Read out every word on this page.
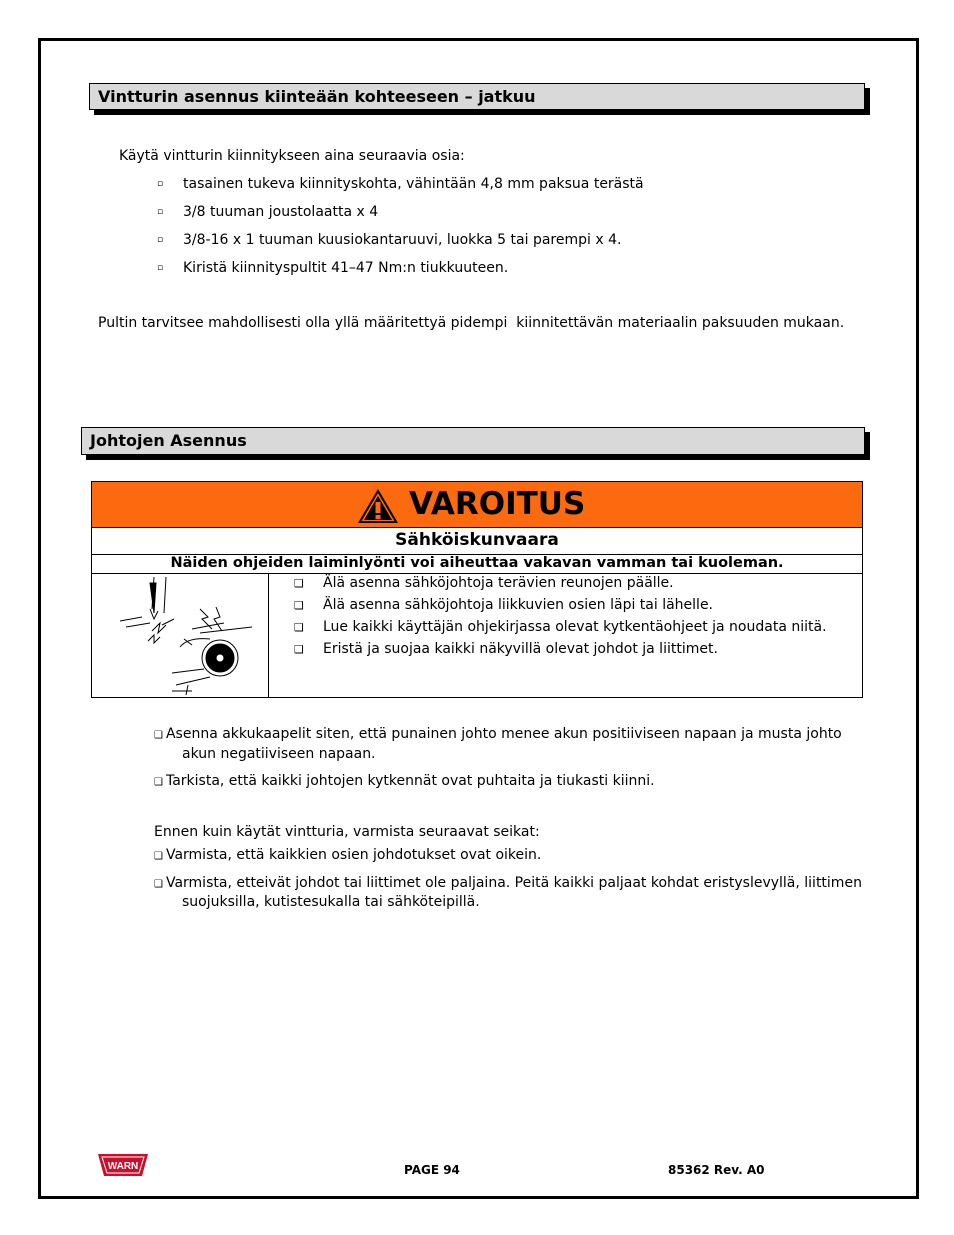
Vintturin asennus kiinteään kohteeseen – jatkuu

Käytä vintturin kiinnitykseen aina seuraavia osia:

▫ tasainen tukeva kiinnityskohta, vähintään 4,8 mm paksua terästä
▫ 3/8 tuuman joustolaatta x 4
▫ 3/8-16 x 1 tuuman kuusiokantaruuvi, luokka 5 tai parempi x 4.
▫ Kiristä kiinnityspultit 41–47 Nm:n tiukkuuteen.

Pultin tarvitsee mahdollisesti olla yllä määritettyä pidempi  kiinnitettävän materiaalin paksuuden mukaan.

Johtojen Asennus
VAROITUS
Sähköiskunvaara
Näiden ohjeiden laiminlyönti voi aiheuttaa vakavan vamman tai kuoleman.
❑ Älä asenna sähköjohtoja terävien reunojen päälle.
❑ Älä asenna sähköjohtoja liikkuvien osien läpi tai lähelle.
❑ Lue kaikki käyttäjän ohjekirjassa olevat kytkentäohjeet ja noudata niitä.
❑ Eristä ja suojaa kaikki näkyvillä olevat johdot ja liittimet.

❑ Asenna akkukaapelit siten, että punainen johto menee akun positiiviseen napaan ja musta johto

akun negatiiviseen napaan.

❑ Tarkista, että kaikki johtojen kytkennät ovat puhtaita ja tiukasti kiinni.

Ennen kuin käytät vintturia, varmista seuraavat seikat:

❑ Varmista, että kaikkien osien johdotukset ovat oikein.

❑ Varmista, etteivät johdot tai liittimet ole paljaina. Peitä kaikki paljaat kohdat eristyslevyllä, liittimen

suojuksilla, kutistesukalla tai sähköteipillä.

WARN	PAGE 94	85362 Rev. A0
